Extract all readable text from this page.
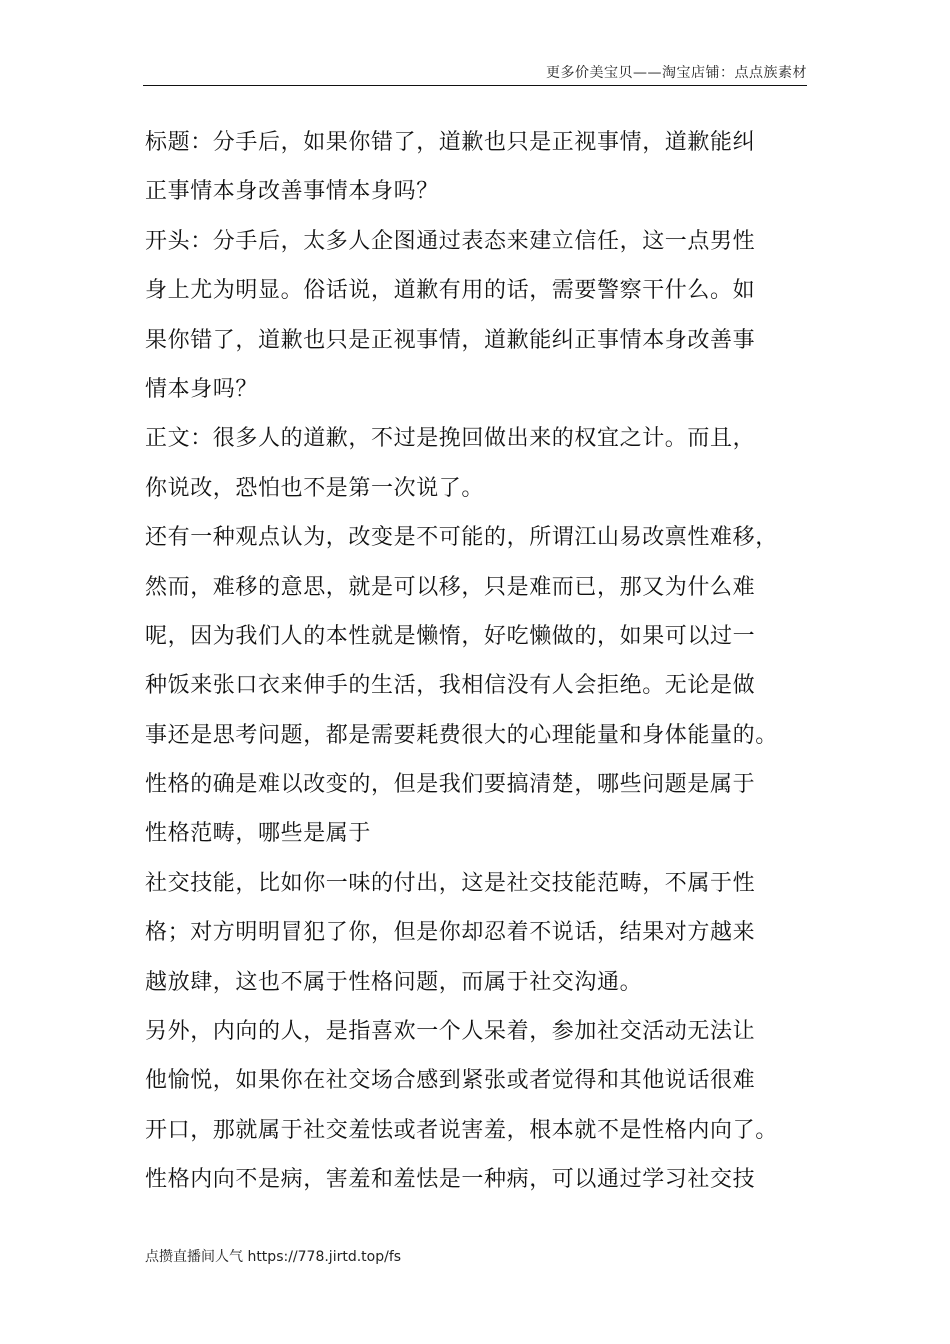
更多价美宝贝——淘宝店铺：点点族素材
标题：分手后，如果你错了，道歉也只是正视事情，道歉能纠
正事情本身改善事情本身吗？
开头：分手后，太多人企图通过表态来建立信任，这一点男性
身上尤为明显。俗话说，道歉有用的话，需要警察干什么。如
果你错了，道歉也只是正视事情，道歉能纠正事情本身改善事
情本身吗？
正文：很多人的道歉，不过是挽回做出来的权宜之计。而且，
你说改，恐怕也不是第一次说了。
还有一种观点认为，改变是不可能的，所谓江山易改禀性难移，
然而，难移的意思，就是可以移，只是难而已，那又为什么难
呢，因为我们人的本性就是懒惰，好吃懒做的，如果可以过一
种饭来张口衣来伸手的生活，我相信没有人会拒绝。无论是做
事还是思考问题，都是需要耗费很大的心理能量和身体能量的。
性格的确是难以改变的，但是我们要搞清楚，哪些问题是属于
性格范畴，哪些是属于
社交技能，比如你一味的付出，这是社交技能范畴，不属于性
格；对方明明冒犯了你，但是你却忍着不说话，结果对方越来
越放肆，这也不属于性格问题，而属于社交沟通。
另外，内向的人，是指喜欢一个人呆着，参加社交活动无法让
他愉悦，如果你在社交场合感到紧张或者觉得和其他说话很难
开口，那就属于社交羞怯或者说害羞，根本就不是性格内向了。
性格内向不是病，害羞和羞怯是一种病，可以通过学习社交技
点攒直播间人气 https://778.jirtd.top/fs
